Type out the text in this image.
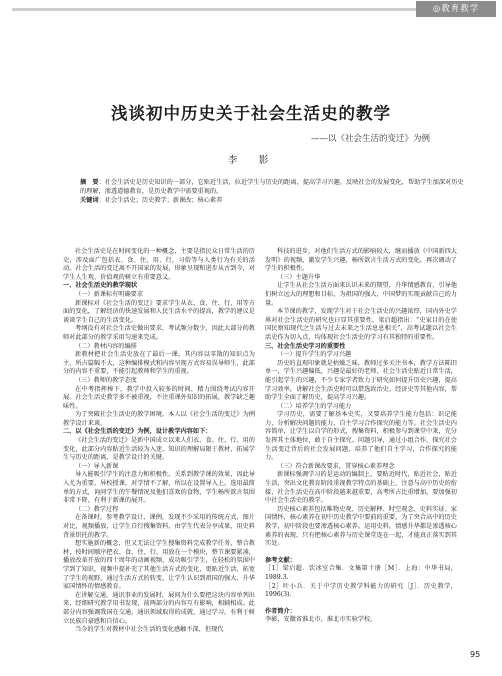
◎教育教学
浅谈初中历史关于社会生活史的教学
——以《社会生活的变迁》为例
李　影
摘　要：社会生活史是历史知识的一部分，它贴近生活，拉近学生与历史的距离，提高学习兴趣，反映社会的发展变化，帮助学生加深对历史的理解，渗透道德教育，是历史教学中需要重视的。
关键词：社会生活史；历史教学；新课改；核心素养

社会生活史是在时间变化的一种概念，主要是指民众日常生活的历史，涉及面广包括衣、食、住、用、行，习俗等与人类行为有关的活动。社会生活的变迁离不开国家的发展，形象呈现和进步从古到今，对学生人生观、价值观的树立有重要意义。

一、社会生活史的教学现状

（一）新课标有明确要求

新课标对《社会生活的变迁》要求学生从衣、食、住、行、用等方面的变化，了解经济的快速发展和人民生活水平的提高，教学的建议是谈谈学生自己的生活变化。

考纲没有对社会生活史做出要求，考试频分数少，因此大部分的教师对此部分的教学采用匀速来完成。

（二）教材内容的编排

新教材把社会生活史放在了最后一课，其内容以零散的知识点为主，所占篇幅不大，这种编排模式和内容呈现方式容易误导师生，此部分的内容不重要，不能引起教师和学生的重视。

（三）教师的教学态度

在中考指挥棒下，教学中投入较多的时间，精力围绕考试内容开展。社会生活史教学多不被重视，不注重课外知识的拓展，教学缺乏趣味性。

为了突破社会生活史的教学困境，本人以《社会生活的变迁》为例教学设计来谈。

二、以《社会生活的变迁》为例，设计教学内容如下：

《社会生活的变迁》是新中国成立以来人们衣、食、住、行、用的变化，此部分内容贴近生活较为入迷，知识的理解局限于教材，拓展学生与历史的距离，是教学设计的关键。

（一）导入新课

导入能吸引学生的注意力和积极性，关系到教学课的效果，因此导入尤为重要。异校授课，对学情不了解，所以在设置导入上，选用最简单的方式，询问学生的午餐情况及他们喜欢的食物，学生畅所欲言氛围非常下降，有利于新课的展开。

（二）教学过程

在备课时，参考教学设计、课例，发现不少采用的传统方式，图片对比，视频播放，让学生自行搜集资料，由学生代表分享成果，用史料背景烘托的教学。

想实施新的概念，但又无法让学生搜集资料完成教学任务，整合教材，按时间顺序把衣、食、住、行、用放在一个模块，整节课要紧凑，播放改革开放的四十周年的动画视频，成功吸引学生，在轻松的氛围中学到了知识，视频中提补充了其他生活方式的变化，更贴近生活，拓宽了学生的视野，通过生活方式的转变，让学生认识到祖国的强大，升华家国情怀的情感教育。

在讲解交通，通讯事业的发展时，展问为什么要把这块内容单列出来，经细研究教学用书发现，前两部分的内容互有影响，相辅相成。此部分内容强调我国在交通，通讯领域取得的成就，通过学习，有利于树立民族自豪感和自信心。

当今的学生对教材中社会生活的变化感触不深，但现代

科技的进步，对他们生活方式的影响较大，继而播放《中国新四大发明》的视频，激发学生兴趣，畅所欲言生活方式的变化，再次调动了学生的积极性。

（三）主题升华

让学生从社会生活方面来认识未来的期望，升华情感教育，引导他们树立远大的理想和目标，为祖国的强大，中国梦的实现贡献自己的力量。

本节课的教学，发现学生对于社会生活史的兴趣浓厚，国内外史学界对社会生活史的研究也日显其重要性，梁启超指出：“史家目的在使国民察知现代之生活与过去未来之生活息息相关”，高考试题以社会生活史作为切入点，均体现社会生活史的学习有其独特的重要性。

三、社会生活史学习的重要性

（一）提升学生的学习兴趣

历史的直观印象就是枯燥乏味，教师过多关注书本，教学方法陈旧单一，学生兴趣偏低，兴趣是最好的老师，社会生活史贴近日常生活，能引起学生的兴趣，不少专家学者致力于研究如何提升历史兴趣，提高学习效率，讲解社会生活史时可以借选政治史、经济史等其他内容，帮助学生全面了解历史，提高学习兴趣。

（二）培养学生的学习能力

学习历史，需要了解基本史实，又要培养学生能力包括：识记能力，分析解决问题的能力，自主学习合作探究的能力等。社会生活史内容简单，让学生以自学的形式，搜集资料，积极参与到课堂中来，充分发挥其主体地位，敢于自主探究。问题引导，通过小组合作，探究社会生活变迁背后的社会发展问题，培养了他们自主学习，合作探究的能力。

（三）符合新课改要求，贯穿核心素养理念

新课标强调学习的是运动的编制上，要贴近时代，贴近社会，贴近生活，突出文化教育阶段重视教学特点的基础上，注意与高中历史的衔接，社会生活史在高中阶段越来越重要，高考所占比重增加，要加强初中社会生活史的教学。

历史核心素养包括唯物史观、历史解释、时空观念、史料实证、家国情怀，核心素养在初中历史教学中要前的重要，为了突合高中的历史教学，初中阶段也要渗透核心素养。运用史料，情感升华都是渗透核心素养的表现，只有把核心素养与历史课堂连在一起，才能真正落实到其实处。

参考文献：

［1］梁启超．饮冰室合集．文集第十册［M］．上海：中华书局，1989.3.

［2］叶小兵．关于中学历史教学科能力的研究［J］．历史教学，1996(3).

作者简介：

李影，安徽省淮北市，淮北市实验学校。

95
